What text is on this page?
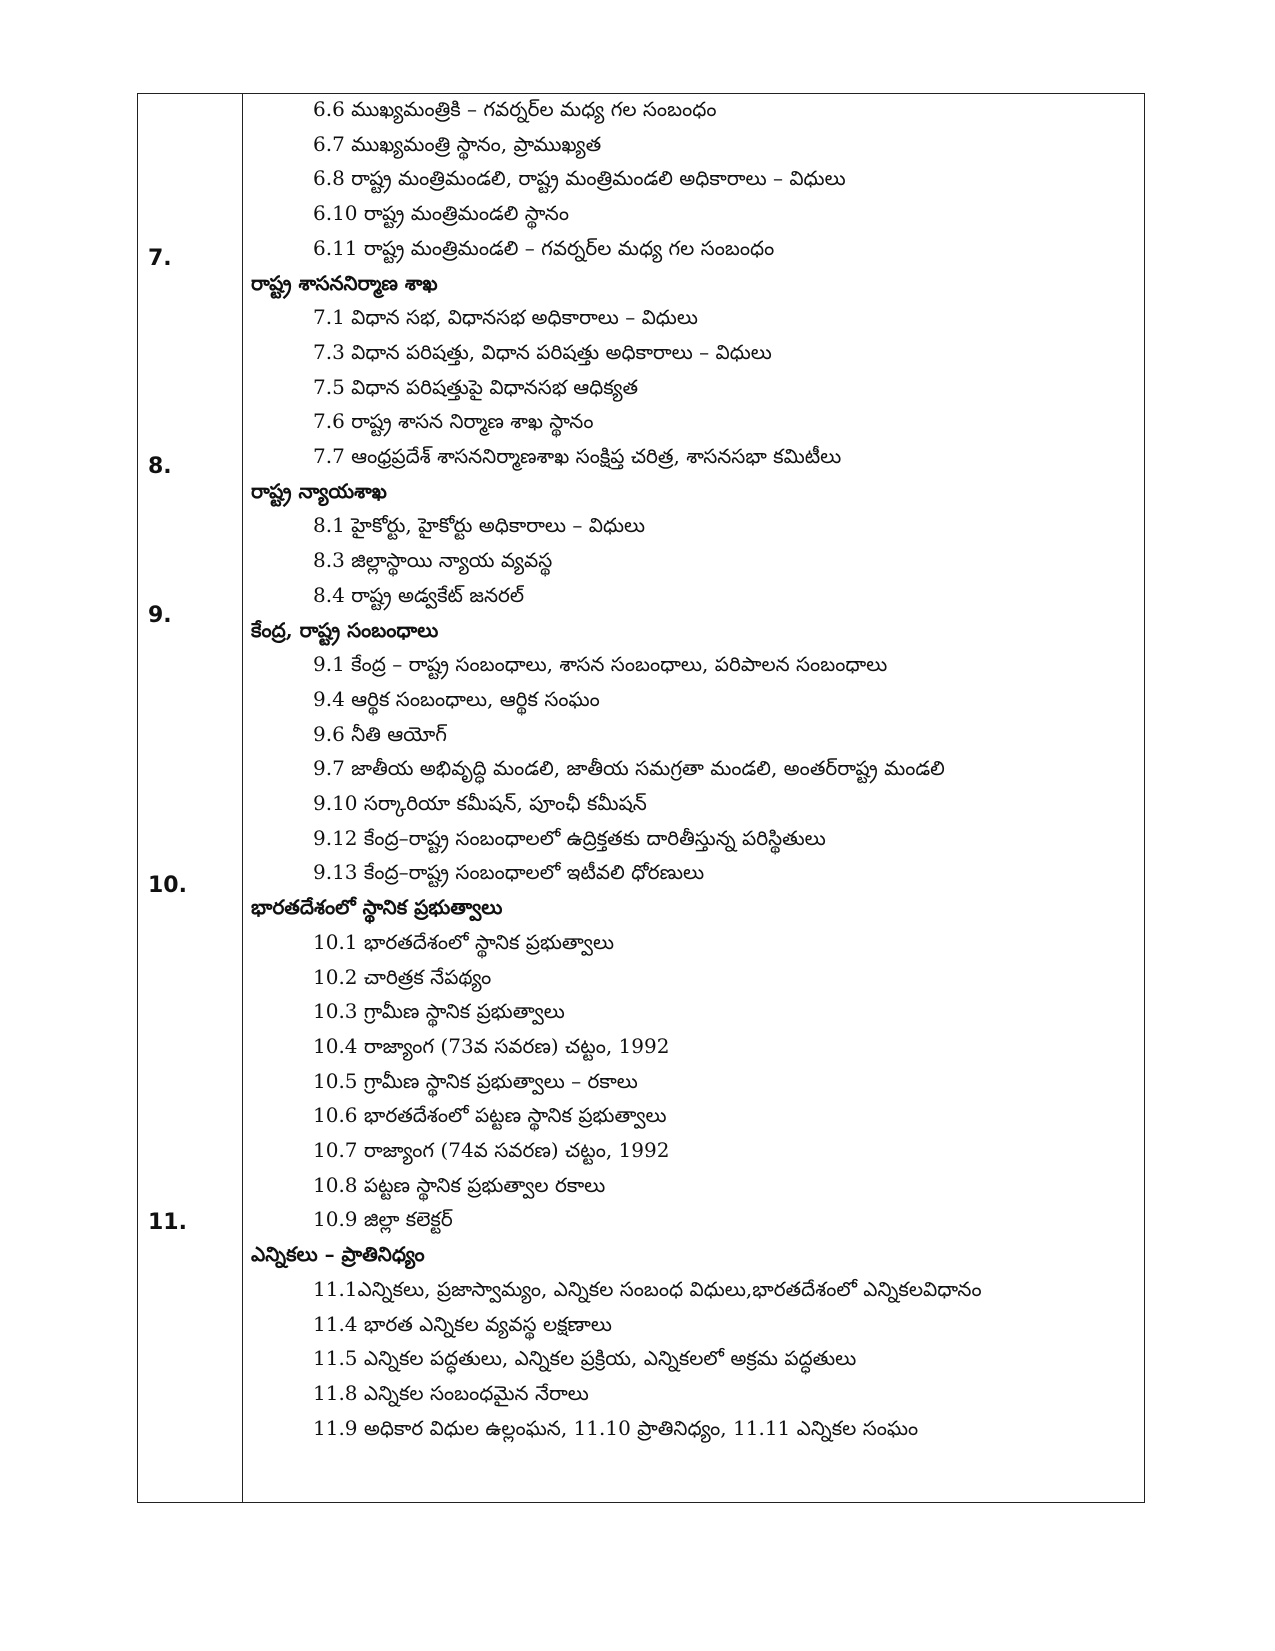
7.
8.
9.
10.
11.
6.6 ముఖ్యమంత్రికి – గవర్నర్‌ల మధ్య గల సంబంధం
6.7 ముఖ్యమంత్రి స్థానం, ప్రాముఖ్యత
6.8 రాష్ట్ర మంత్రిమండలి, రాష్ట్ర మంత్రిమండలి అధికారాలు – విధులు
6.10 రాష్ట్ర మంత్రిమండలి స్థానం
6.11 రాష్ట్ర మంత్రిమండలి – గవర్నర్‌ల మధ్య గల సంబంధం
రాష్ట్ర శాసననిర్మాణ శాఖ
7.1 విధాన సభ, విధానసభ అధికారాలు – విధులు
7.3 విధాన పరిషత్తు, విధాన పరిషత్తు అధికారాలు – విధులు
7.5 విధాన పరిషత్తుపై విధానసభ ఆధిక్యత
7.6 రాష్ట్ర శాసన నిర్మాణ శాఖ స్థానం
7.7 ఆంధ్రప్రదేశ్ శాసననిర్మాణశాఖ సంక్షిప్త చరిత్ర, శాసనసభా కమిటీలు
రాష్ట్ర న్యాయశాఖ
8.1 హైకోర్టు, హైకోర్టు అధికారాలు – విధులు
8.3 జిల్లాస్థాయి న్యాయ వ్యవస్థ
8.4 రాష్ట్ర అడ్వకేట్ జనరల్
కేంద్ర, రాష్ట్ర సంబంధాలు
9.1 కేంద్ర – రాష్ట్ర సంబంధాలు, శాసన సంబంధాలు, పరిపాలన సంబంధాలు
9.4 ఆర్థిక సంబంధాలు, ఆర్థిక సంఘం
9.6 నీతి ఆయోగ్
9.7 జాతీయ అభివృద్ధి మండలి, జాతీయ సమగ్రతా మండలి, అంతర్‌రాష్ట్ర మండలి
9.10 సర్కారియా కమీషన్, పూంఛీ కమీషన్
9.12 కేంద్ర–రాష్ట్ర సంబంధాలలో ఉద్రిక్తతకు దారితీస్తున్న పరిస్థితులు
9.13 కేంద్ర–రాష్ట్ర సంబంధాలలో ఇటీవలి ధోరణులు
భారతదేశంలో స్థానిక ప్రభుత్వాలు
10.1 భారతదేశంలో స్థానిక ప్రభుత్వాలు
10.2 చారిత్రక నేపథ్యం
10.3 గ్రామీణ స్థానిక ప్రభుత్వాలు
10.4 రాజ్యాంగ (73వ సవరణ) చట్టం, 1992
10.5 గ్రామీణ స్థానిక ప్రభుత్వాలు – రకాలు
10.6 భారతదేశంలో పట్టణ స్థానిక ప్రభుత్వాలు
10.7 రాజ్యాంగ (74వ సవరణ) చట్టం, 1992
10.8 పట్టణ స్థానిక ప్రభుత్వాల రకాలు
10.9 జిల్లా కలెక్టర్
ఎన్నికలు – ప్రాతినిధ్యం
11.1ఎన్నికలు, ప్రజాస్వామ్యం, ఎన్నికల సంబంధ విధులు,భారతదేశంలో ఎన్నికలవిధానం
11.4 భారత ఎన్నికల వ్యవస్థ లక్షణాలు
11.5 ఎన్నికల పద్ధతులు, ఎన్నికల ప్రక్రియ, ఎన్నికలలో అక్రమ పద్ధతులు
11.8 ఎన్నికల సంబంధమైన నేరాలు
11.9 అధికార విధుల ఉల్లంఘన, 11.10 ప్రాతినిధ్యం, 11.11 ఎన్నికల సంఘం
